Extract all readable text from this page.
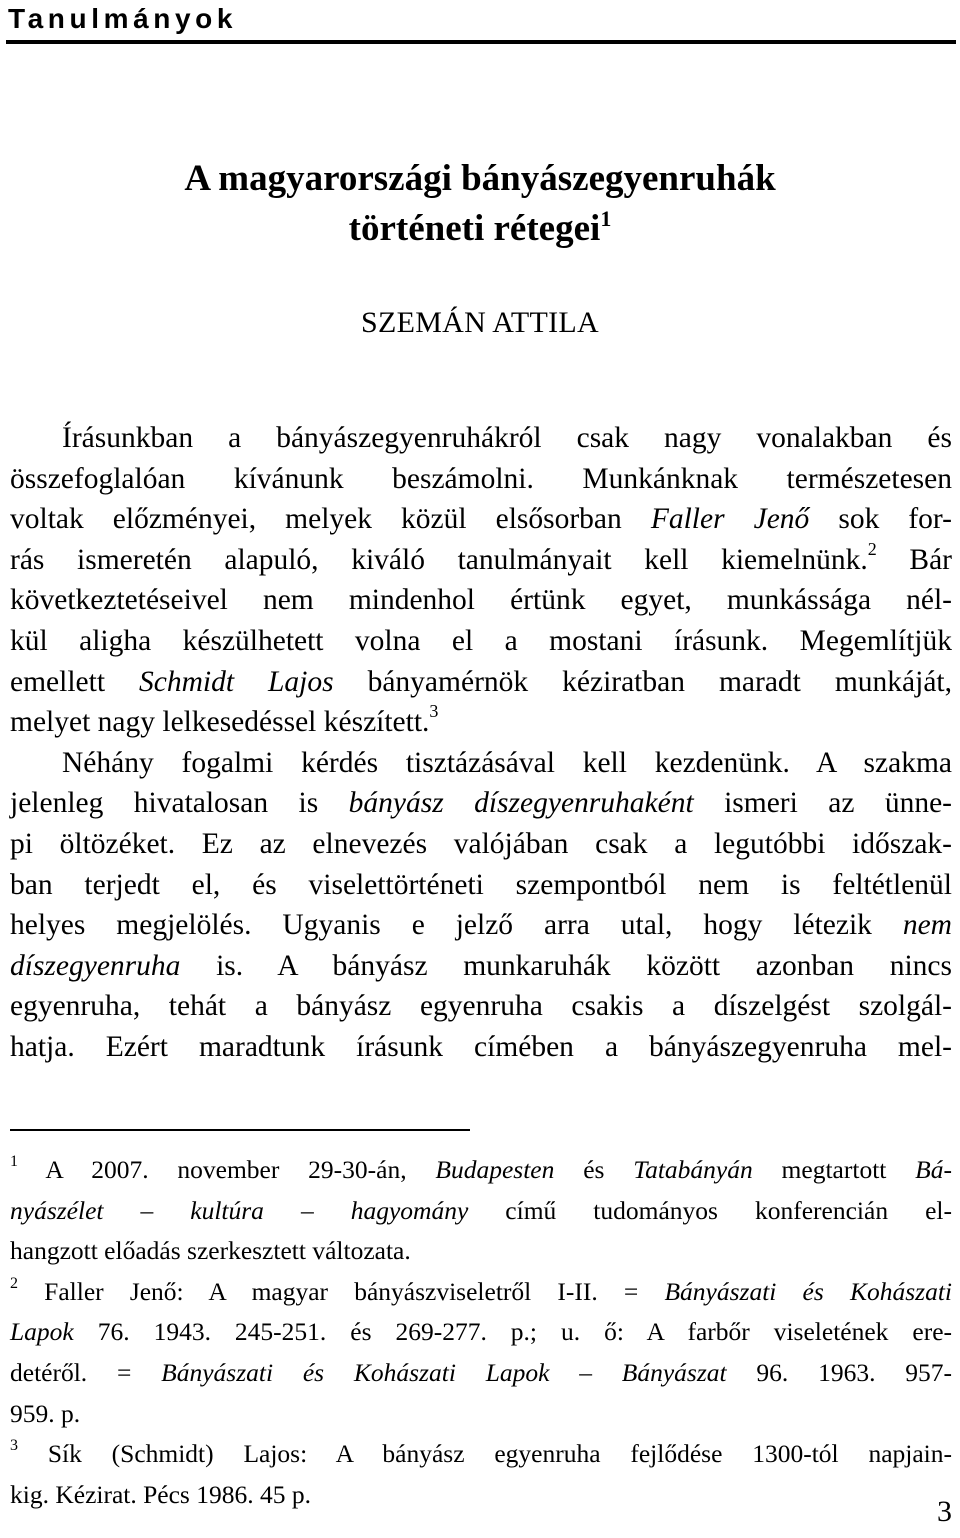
Tanulmányok
A magyarországi bányászegyenruhák
történeti rétegei$^1$
SZEMÁN ATTILA
Írásunkban a bányászegyenruhákról csak nagy vonalakban és
összefoglalóan kívánunk beszámolni. Munkánknak természetesen
voltak előzményei, melyek közül elsősorban Faller Jenő sok for-
rás ismeretén alapuló, kiváló tanulmányait kell kiemelnünk.$^2$ Bár
következtetéseivel nem mindenhol értünk egyet, munkássága nél-
kül aligha készülhetett volna el a mostani írásunk. Megemlítjük
emellett Schmidt Lajos bányamérnök kéziratban maradt munkáját,
melyet nagy lelkesedéssel készített.$^3$
Néhány fogalmi kérdés tisztázásával kell kezdenünk. A szakma
jelenleg hivatalosan is bányász díszegyenruhaként ismeri az ünne-
pi öltözéket. Ez az elnevezés valójában csak a legutóbbi időszak-
ban terjedt el, és viselettörténeti szempontból nem is feltétlenül
helyes megjelölés. Ugyanis e jelző arra utal, hogy létezik nem
díszegyenruha is. A bányász munkaruhák között azonban nincs
egyenruha, tehát a bányász egyenruha csakis a díszelgést szolgál-
hatja. Ezért maradtunk írásunk címében a bányászegyenruha mel-
$^1$ A 2007. november 29-30-án, Budapesten és Tatabányán megtartott Bá-
nyászélet – kultúra – hagyomány című tudományos konferencián el-
hangzott előadás szerkesztett változata.
$^2$ Faller Jenő: A magyar bányászviseletről I-II. = Bányászati és Kohászati
Lapok 76. 1943. 245-251. és 269-277. p.; u. ő: A farbőr viseletének ere-
detéről. = Bányászati és Kohászati Lapok – Bányászat 96. 1963. 957-
959. p.
$^3$ Sík (Schmidt) Lajos: A bányász egyenruha fejlődése 1300-tól napjain-
kig. Kézirat. Pécs 1986. 45 p.
3
